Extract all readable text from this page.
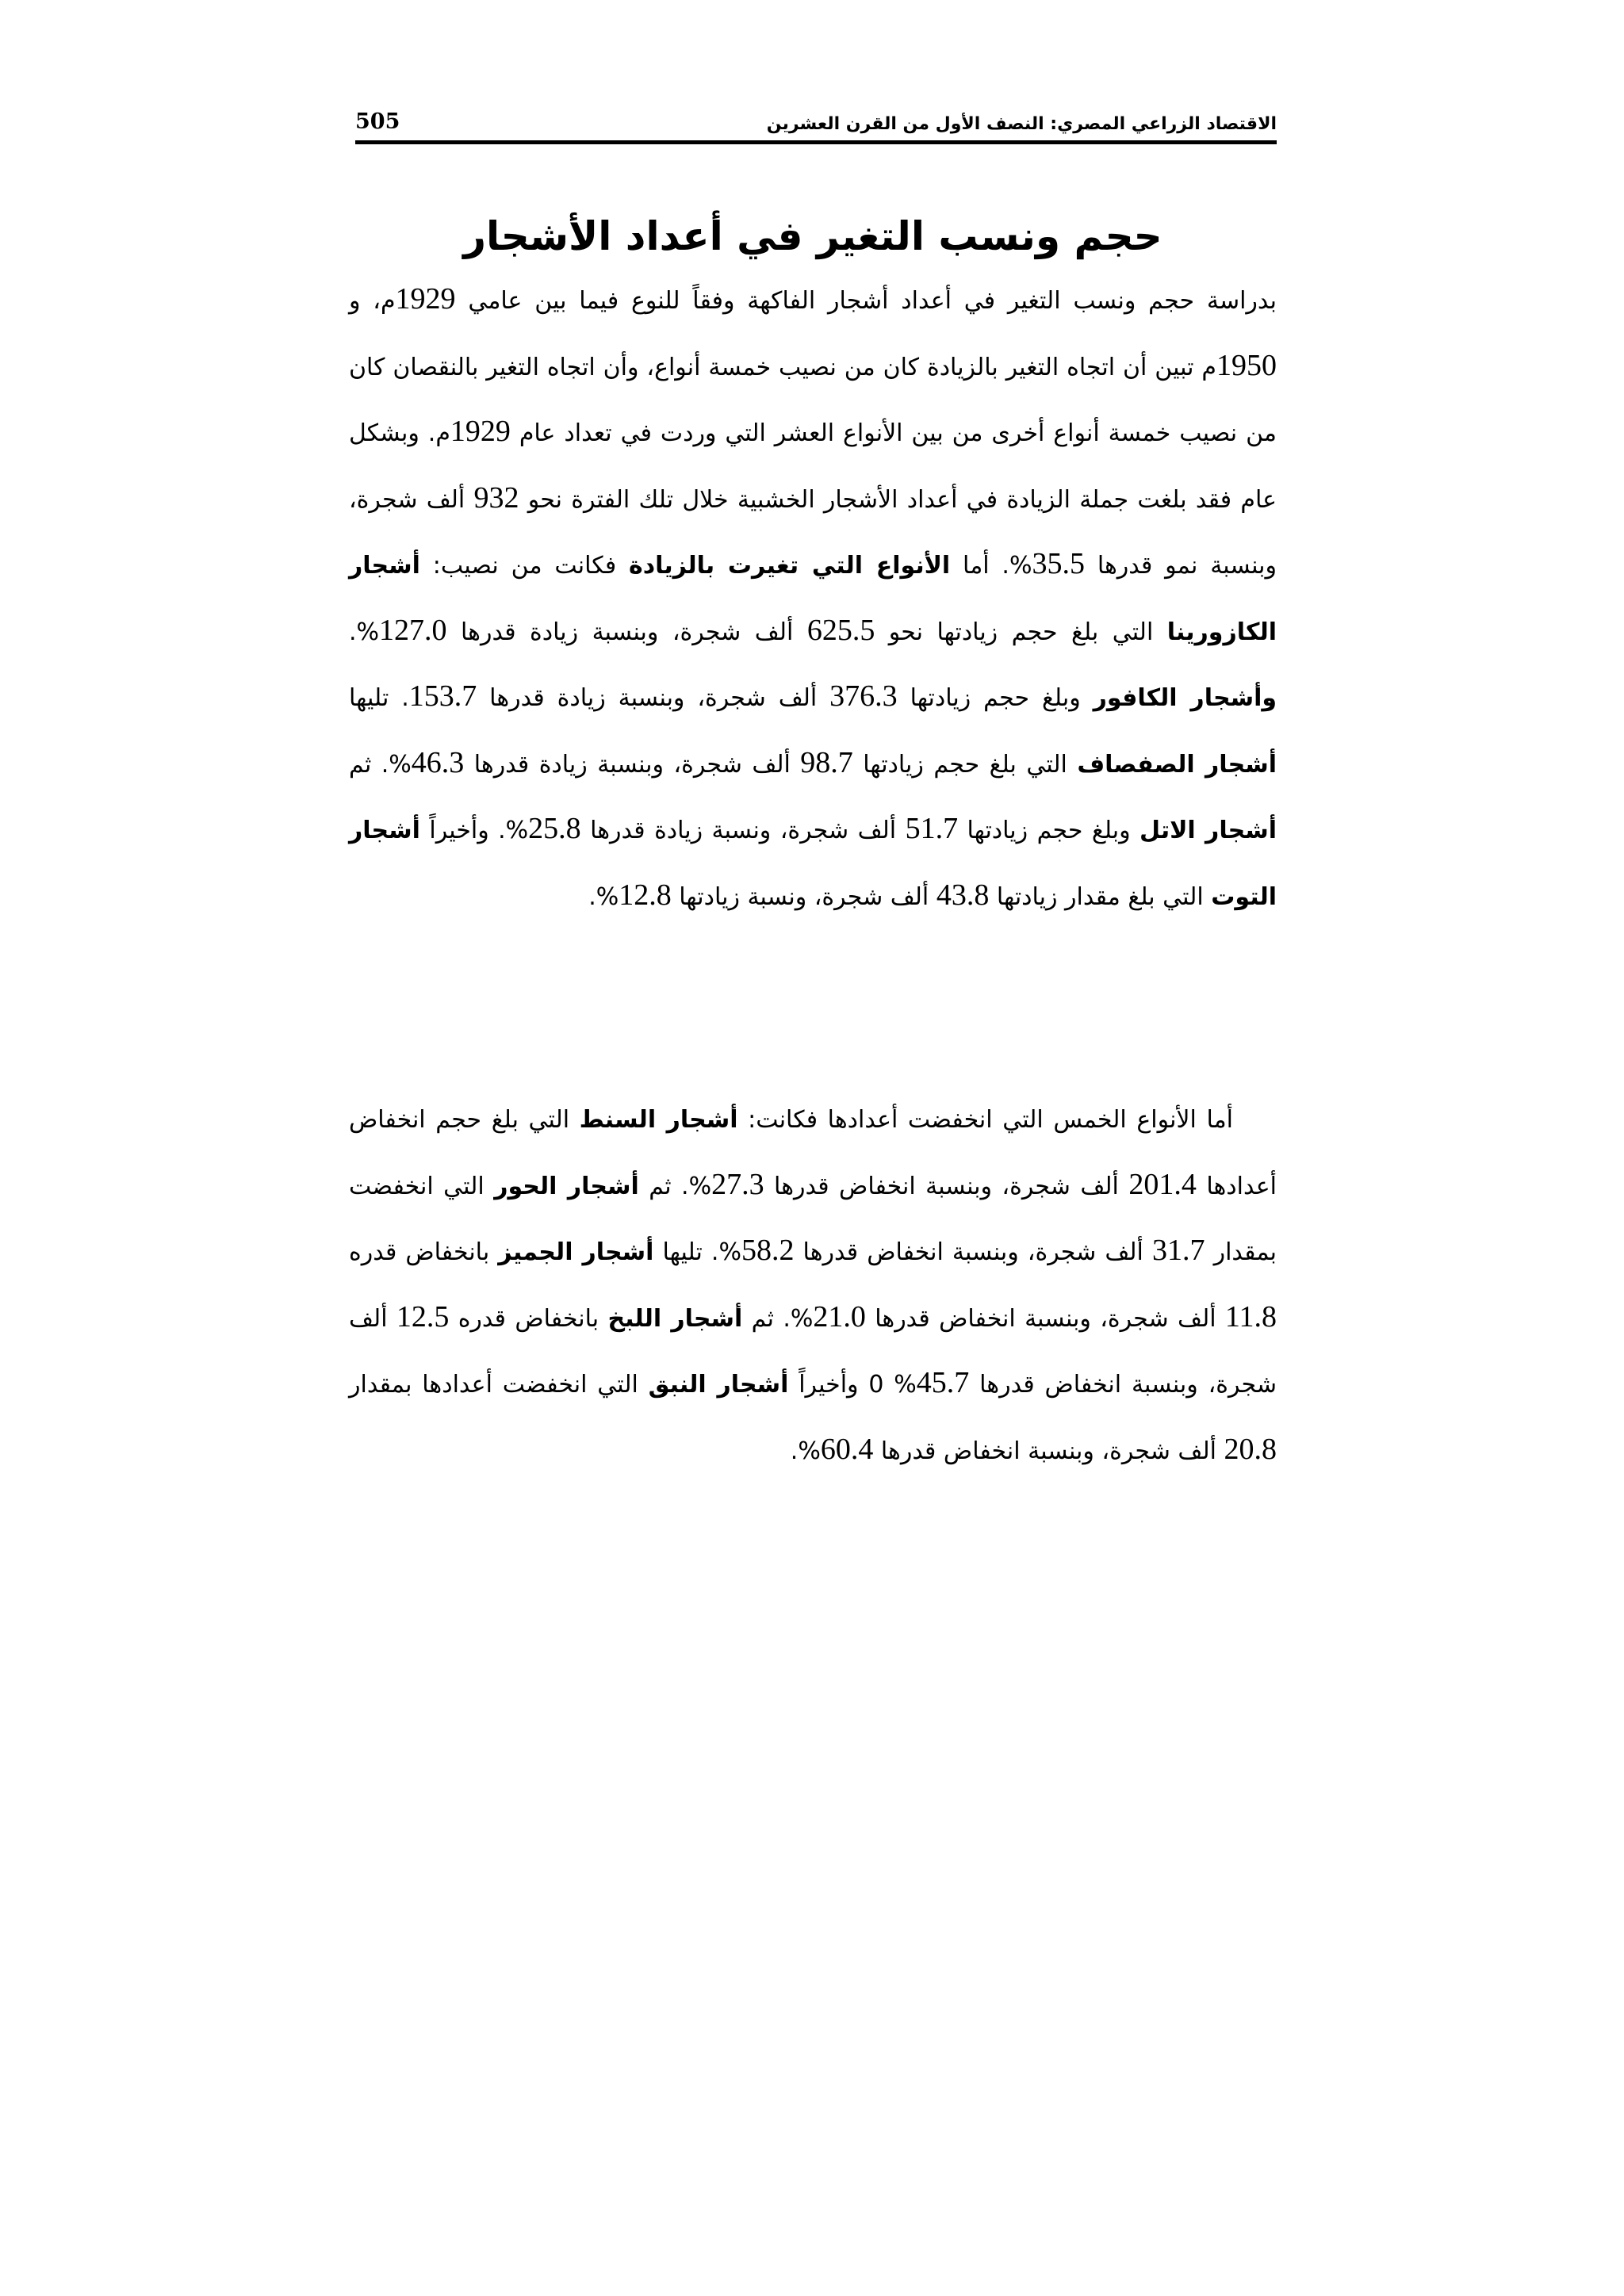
الاقتصاد الزراعي المصري: النصف الأول من القرن العشرين
505
حجم ونسب التغير في أعداد الأشجار

بدراسة حجم ونسب التغير في أعداد أشجار الفاكهة وفقاً للنوع فيما بين عامي 1929م، و 1950م تبين أن اتجاه التغير بالزيادة كان من نصيب خمسة أنواع، وأن اتجاه التغير بالنقصان كان من نصيب خمسة أنواع أخرى من بين الأنواع العشر التي وردت في تعداد عام 1929م. وبشكل عام فقد بلغت جملة الزيادة في أعداد الأشجار الخشبية خلال تلك الفترة نحو 932 ألف شجرة، وبنسبة نمو قدرها 35.5%. أما الأنواع التي تغيرت بالزيادة فكانت من نصيب: أشجار الكازورينا التي بلغ حجم زيادتها نحو 625.5 ألف شجرة، وبنسبة زيادة قدرها 127.0%. وأشجار الكافور وبلغ حجم زيادتها 376.3 ألف شجرة، وبنسبة زيادة قدرها 153.7. تليها أشجار الصفصاف التي بلغ حجم زيادتها 98.7 ألف شجرة، وبنسبة زيادة قدرها 46.3%. ثم أشجار الاتل وبلغ حجم زيادتها 51.7 ألف شجرة، ونسبة زيادة قدرها 25.8%. وأخيراً أشجار التوت التي بلغ مقدار زيادتها 43.8 ألف شجرة، ونسبة زيادتها 12.8%.

أما الأنواع الخمس التي انخفضت أعدادها فكانت: أشجار السنط التي بلغ حجم انخفاض أعدادها 201.4 ألف شجرة، وبنسبة انخفاض قدرها 27.3%. ثم أشجار الحور التي انخفضت بمقدار 31.7 ألف شجرة، وبنسبة انخفاض قدرها 58.2%. تليها أشجار الجميز بانخفاض قدره 11.8 ألف شجرة، وبنسبة انخفاض قدرها 21.0%. ثم أشجار اللبخ بانخفاض قدره 12.5 ألف شجرة، وبنسبة انخفاض قدرها 45.7% 0 وأخيراً أشجار النبق التي انخفضت أعدادها بمقدار 20.8 ألف شجرة، وبنسبة انخفاض قدرها 60.4%.
